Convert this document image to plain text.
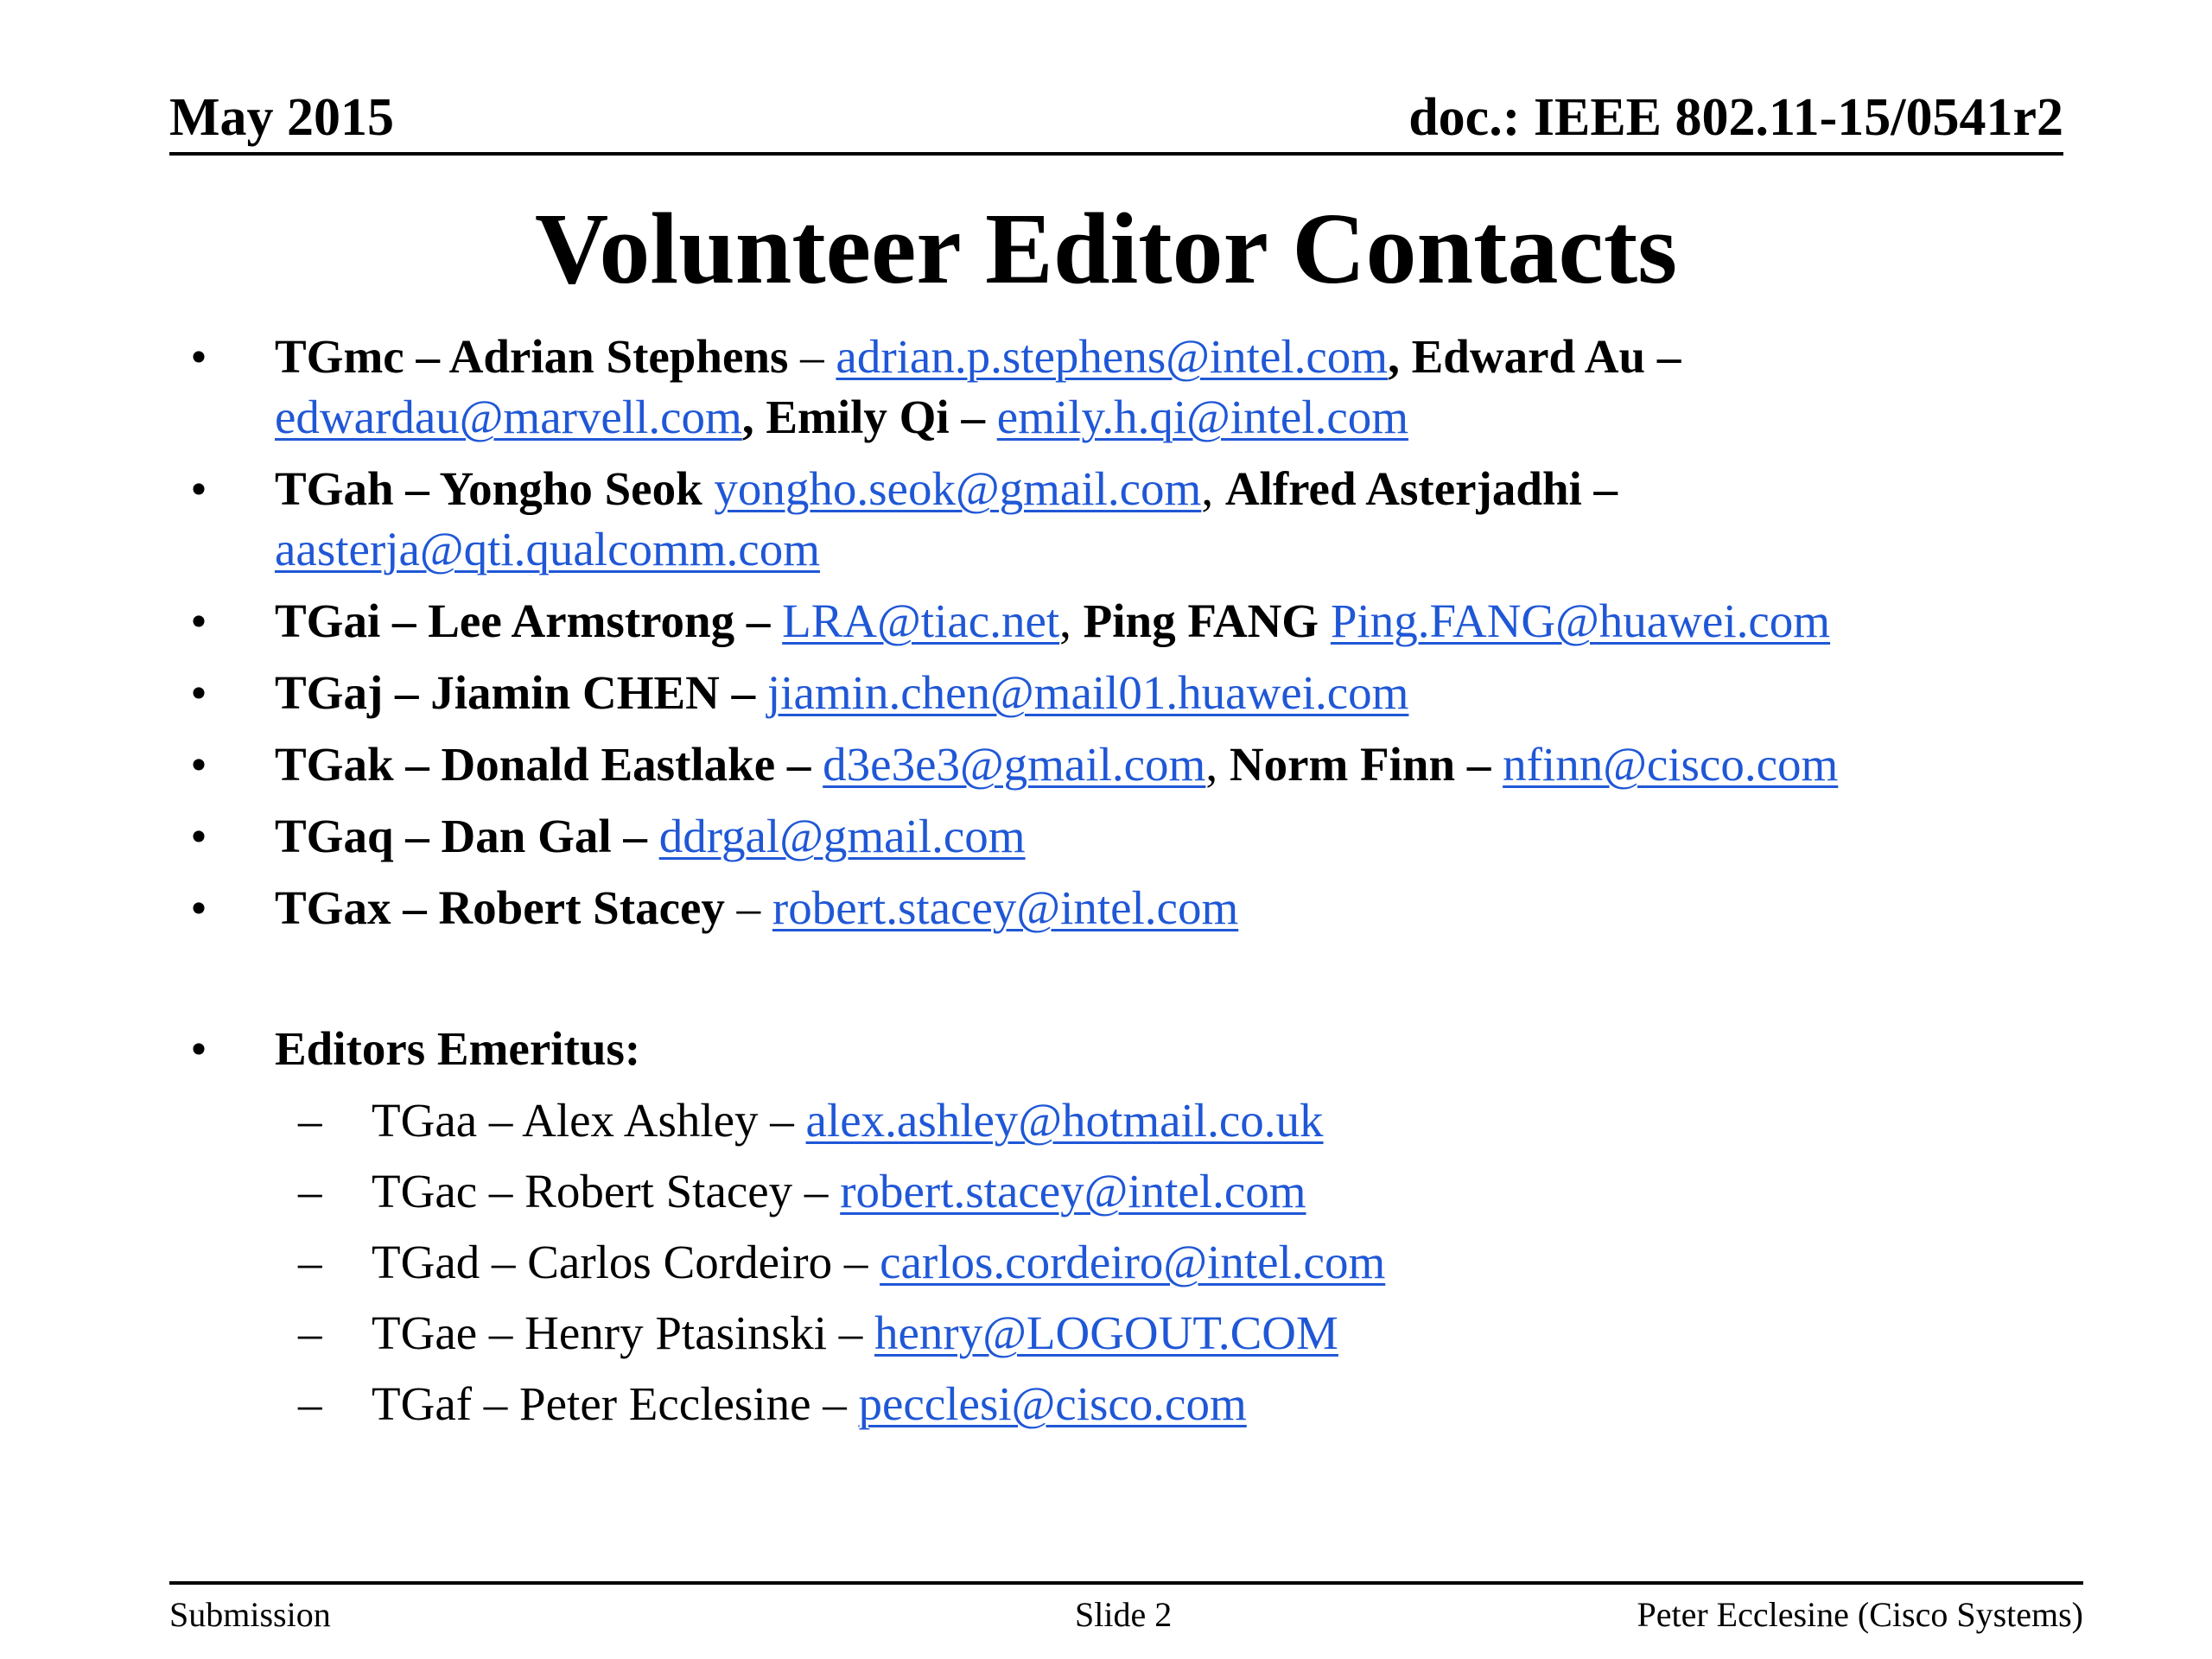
May 2015	doc.: IEEE 802.11-15/0541r2
Volunteer Editor Contacts
• TGmc – Adrian Stephens – adrian.p.stephens@intel.com, Edward Au –
edwardau@marvell.com, Emily Qi – emily.h.qi@intel.com
• TGah – Yongho Seok yongho.seok@gmail.com, Alfred Asterjadhi –
aasterja@qti.qualcomm.com
• TGai – Lee Armstrong – LRA@tiac.net, Ping FANG Ping.FANG@huawei.com
• TGaj – Jiamin CHEN – jiamin.chen@mail01.huawei.com
• TGak – Donald Eastlake – d3e3e3@gmail.com, Norm Finn – nfinn@cisco.com
• TGaq – Dan Gal – ddrgal@gmail.com
• TGax – Robert Stacey – robert.stacey@intel.com
• Editors Emeritus:
– TGaa – Alex Ashley – alex.ashley@hotmail.co.uk
– TGac – Robert Stacey – robert.stacey@intel.com
– TGad – Carlos Cordeiro – carlos.cordeiro@intel.com
– TGae – Henry Ptasinski – henry@LOGOUT.COM
– TGaf – Peter Ecclesine – pecclesi@cisco.com
Submission	Slide 2	Peter Ecclesine (Cisco Systems)
